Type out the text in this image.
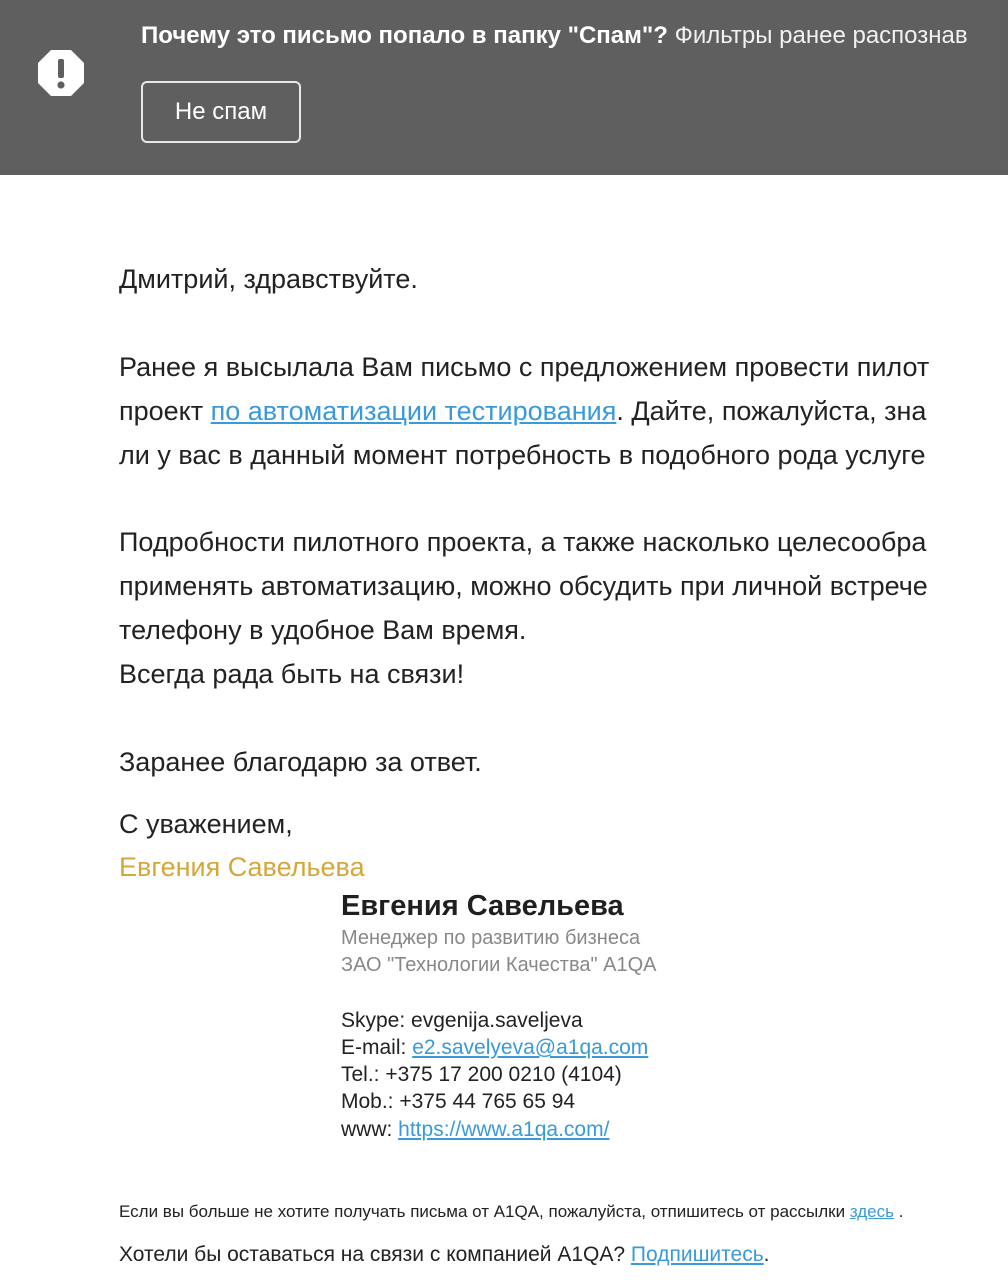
Почему это письмо попало в папку "Спам"? Фильтры ранее распознав
Не спам
Дмитрий, здравствуйте.
Ранее я высылала Вам письмо с предложением провести пилот
проект по автоматизации тестирования. Дайте, пожалуйста, зна
ли у вас в данный момент потребность в подобного рода услуге
Подробности пилотного проекта, а также насколько целесообра
применять автоматизацию, можно обсудить при личной встрече
телефону в удобное Вам время.
Всегда рада быть на связи!
Заранее благодарю за ответ.
С уважением,
Евгения Савельева
Евгения Савельева
Менеджер по развитию бизнеса
ЗАО "Технологии Качества" A1QA
Skype: evgenija.saveljeva
E-mail: e2.savelyeva@a1qa.com
Tel.: +375 17 200 0210 (4104)
Mob.: +375 44 765 65 94
www: https://www.a1qa.com/
Если вы больше не хотите получать письма от A1QA, пожалуйста, отпишитесь от рассылки здесь .
Хотели бы оставаться на связи с компанией A1QA? Подпишитесь.
